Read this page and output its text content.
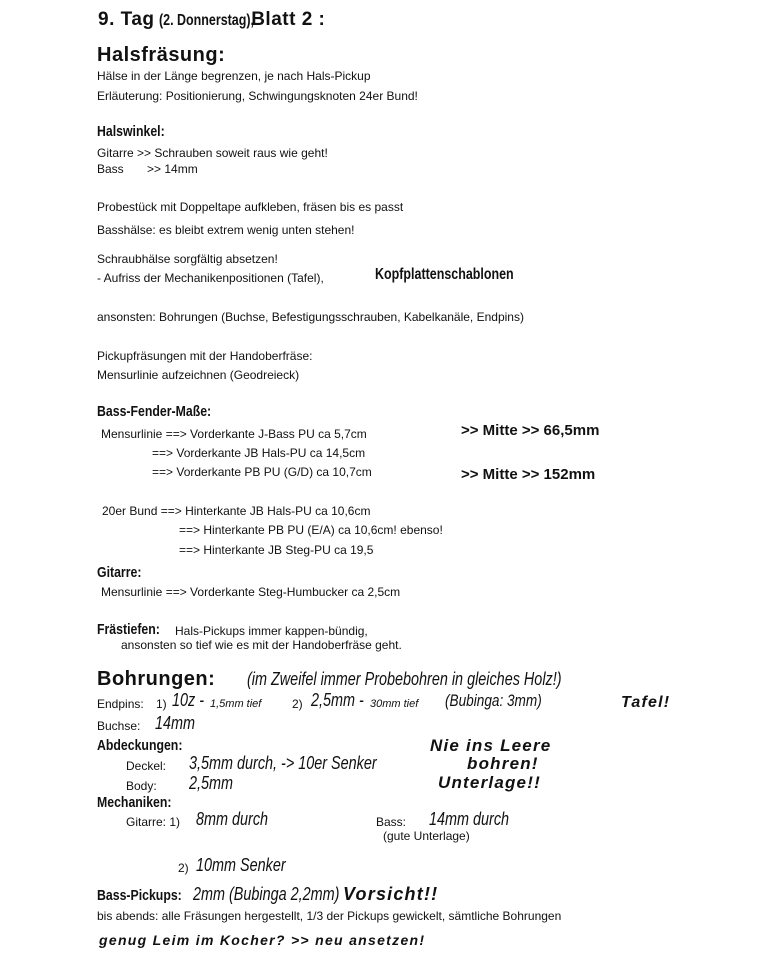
9. Tag (2. Donnerstag), Blatt 2 :
Halsfräsung:
Hälse in der Länge begrenzen, je nach Hals-Pickup
Erläuterung: Positionierung, Schwingungsknoten 24er Bund!
Halswinkel:
Gitarre >> Schrauben soweit raus wie geht!
Bass >> 14mm
Probestück mit Doppeltape aufkleben, fräsen bis es passt
Basshälse: es bleibt extrem wenig unten stehen!
Schraubhälse sorgfältig absetzen!
- Aufriss der Mechanikenpositionen (Tafel),	Kopfplattenschablonen
ansonsten: Bohrungen (Buchse, Befestigungsschrauben, Kabelkanäle, Endpins)
Pickupfräsungen mit der Handoberfräse:
Mensurlinie aufzeichnen (Geodreieck)
Bass-Fender-Maße:
Mensurlinie ==> Vorderkante J-Bass PU ca 5,7cm
==> Vorderkante JB Hals-PU ca 14,5cm
==> Vorderkante PB PU (G/D) ca 10,7cm
>> Mitte >> 66,5mm
>> Mitte >> 152mm
20er Bund ==> Hinterkante JB Hals-PU ca 10,6cm
==> Hinterkante PB PU (E/A) ca 10,6cm! ebenso!
==> Hinterkante JB Steg-PU ca 19,5
Gitarre:
Mensurlinie ==> Vorderkante Steg-Humbucker ca 2,5cm
Frästiefen: Hals-Pickups immer kappen-bündig,
ansonsten so tief wie es mit der Handoberfräse geht.
Bohrungen: (im Zweifel immer Probebohren in gleiches Holz!)
Endpins: 1) 10z - 1,5mm tief	2) 2,5mm - 30mm tief (Bubinga: 3mm)	Tafel!
Buchse: 14mm
Abdeckungen:
Deckel: 3,5mm durch, -> 10er Senker
Body: 2,5mm
Nie ins Leere
bohren!
Unterlage!!
Mechaniken:
Gitarre: 1) 8mm durch	Bass: 14mm durch
(gute Unterlage)
2) 10mm Senker
Bass-Pickups: 2mm (Bubinga 2,2mm) Vorsicht!!
bis abends: alle Fräsungen hergestellt, 1/3 der Pickups gewickelt, sämtliche Bohrungen
genug Leim im Kocher? >> neu ansetzen!
